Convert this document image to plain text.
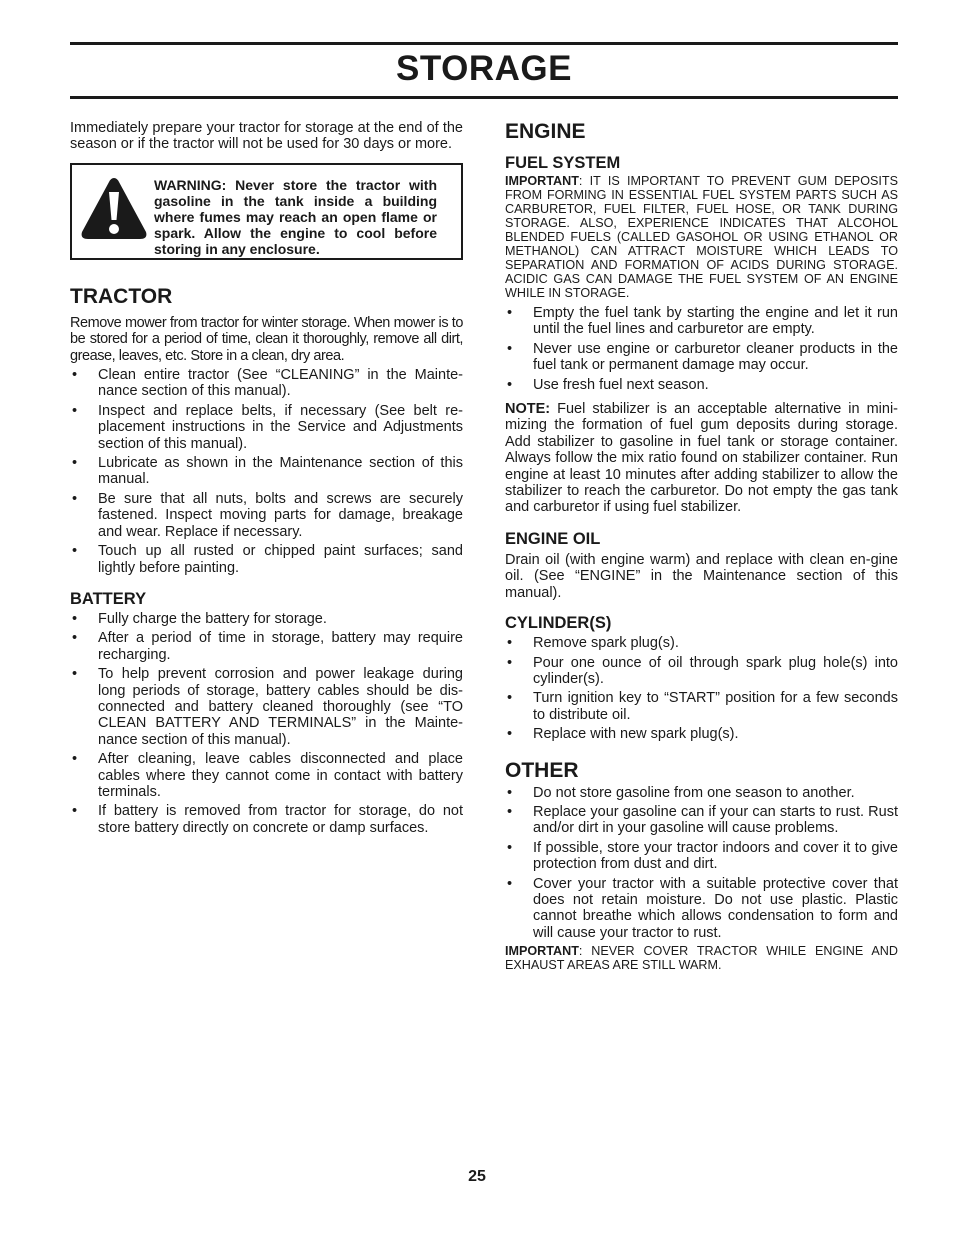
STORAGE

Immediately prepare your tractor for storage at the end of the season or if the tractor will not be used for 30 days or more.

WARNING: Never store the tractor with gasoline in the tank inside a building where fumes may reach an open flame or spark. Allow the engine to cool before storing in any enclosure.
TRACTOR

Remove mower from tractor for winter storage. When mower is to be stored for a period of time, clean it thoroughly, remove all dirt, grease, leaves, etc. Store in a clean, dry area.

• Clean entire tractor (See “CLEANING” in the Mainte-nance section of this manual).
• Inspect and replace belts, if necessary (See belt re-placement instructions in the Service and Adjustments section of this manual).
• Lubricate as shown in the Maintenance section of this manual.
• Be sure that all nuts, bolts and screws are securely fastened. Inspect moving parts for damage, breakage and wear. Replace if necessary.
• Touch up all rusted or chipped paint surfaces; sand lightly before painting.
BATTERY
• Fully charge the battery for storage.
• After a period of time in storage, battery may require recharging.
• To help prevent corrosion and power leakage during long periods of storage, battery cables should be dis-connected and battery cleaned thoroughly (see “TO CLEAN BATTERY AND TERMINALS” in the Mainte-nance section of this manual).
• After cleaning, leave cables disconnected and place cables where they cannot come in contact with battery terminals.
• If battery is removed from tractor for storage, do not store battery directly on concrete or damp surfaces.
ENGINE
FUEL SYSTEM

IMPORTANT: IT IS IMPORTANT TO PREVENT GUM DEPOSITS FROM FORMING IN ESSENTIAL FUEL SYSTEM PARTS SUCH AS CARBURETOR, FUEL FILTER, FUEL HOSE, OR TANK DURING STORAGE. ALSO, EXPERIENCE INDICATES THAT ALCOHOL BLENDED FUELS (CALLED GASOHOL OR USING ETHANOL OR METHANOL) CAN ATTRACT MOISTURE WHICH LEADS TO SEPARATION AND FORMATION OF ACIDS DURING STORAGE. ACIDIC GAS CAN DAMAGE THE FUEL SYSTEM OF AN ENGINE WHILE IN STORAGE.

• Empty the fuel tank by starting the engine and let it run until the fuel lines and carburetor are empty.
• Never use engine or carburetor cleaner products in the fuel tank or permanent damage may occur.
• Use fresh fuel next season.

NOTE: Fuel stabilizer is an acceptable alternative in mini-mizing the formation of fuel gum deposits during storage. Add stabilizer to gasoline in fuel tank or storage container. Always follow the mix ratio found on stabilizer container. Run engine at least 10 minutes after adding stabilizer to allow the stabilizer to reach the carburetor. Do not empty the gas tank and carburetor if using fuel stabilizer.

ENGINE OIL

Drain oil (with engine warm) and replace with clean en-gine oil. (See “ENGINE” in the Maintenance section of this manual).

CYLINDER(S)
• Remove spark plug(s).
• Pour one ounce of oil through spark plug hole(s) into cylinder(s).
• Turn ignition key to “START” position for a few seconds to distribute oil.
• Replace with new spark plug(s).
OTHER
• Do not store gasoline from one season to another.
• Replace your gasoline can if your can starts to rust. Rust and/or dirt in your gasoline will cause problems.
• If possible, store your tractor indoors and cover it to give protection from dust and dirt.
• Cover your tractor with a suitable protective cover that does not retain moisture. Do not use plastic. Plastic cannot breathe which allows condensation to form and will cause your tractor to rust.

IMPORTANT: NEVER COVER TRACTOR WHILE ENGINE AND EXHAUST AREAS ARE STILL WARM.

25
